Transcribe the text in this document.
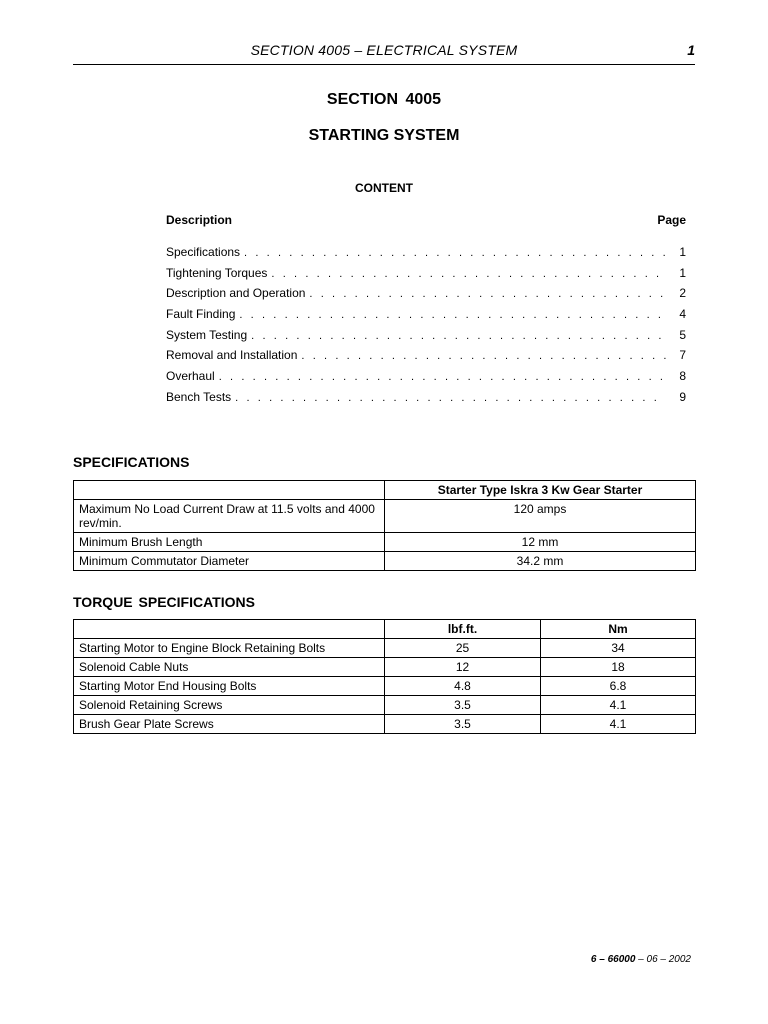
SECTION 4005 – ELECTRICAL SYSTEM	1
SECTION 4005
STARTING SYSTEM
CONTENT
Description	Page
Specifications . . .	1
Tightening Torques . . .	1
Description and Operation . . .	2
Fault Finding . . .	4
System Testing . . .	5
Removal and Installation . . .	7
Overhaul . . .	8
Bench Tests . . .	9
SPECIFICATIONS
	Starter Type Iskra 3 Kw Gear Starter
Maximum No Load Current Draw at 11.5 volts and 4000 rev/min.	120 amps
Minimum Brush Length	12 mm
Minimum Commutator Diameter	34.2 mm
TORQUE SPECIFICATIONS
	lbf.ft.	Nm
Starting Motor to Engine Block Retaining Bolts	25	34
Solenoid Cable Nuts	12	18
Starting Motor End Housing Bolts	4.8	6.8
Solenoid Retaining Screws	3.5	4.1
Brush Gear Plate Screws	3.5	4.1
6 – 66000 – 06 – 2002
